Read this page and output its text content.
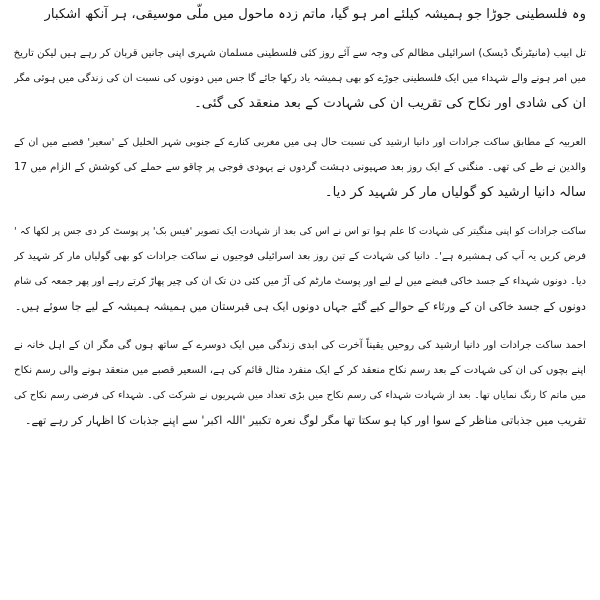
وہ فلسطینی جوڑا جو ہمیشہ کیلئے امر ہو گیا، ماتم زدہ ماحول میں ملّی موسیقی، ہر آنکھ اشکبار
تل ابیب (مانیٹرنگ ڈیسک) اسرائیلی مظالم کی وجہ سے آئے روز کئی فلسطینی مسلمان شہری اپنی جانیں قربان کر رہے ہیں لیکن تاریخ
میں امر ہونے والے شہداء میں ایک فلسطینی جوڑے کو بھی ہمیشہ یاد رکھا جائے گا جس میں دونوں کی نسبت ان کی زندگی میں ہوئی مگر
ان کی شادی اور نکاح کی تقریب ان کی شہادت کے بعد منعقد کی گئی۔
العربیہ کے مطابق ساکت جرادات اور دانیا ارشید کی نسبت حال ہی میں مغربی کنارے کے جنوبی شہر الخلیل کے 'سعیر' قصبے میں ان کے
والدین نے طے کی تھی۔ منگنی کے ایک روز بعد صہیونی دہشت گردوں نے یہودی فوجی پر چاقو سے حملے کی کوشش کے الزام میں 17
سالہ دانیا ارشید کو گولیاں مار کر شہید کر دیا۔
ساکت جرادات کو اپنی منگیتر کی شہادت کا علم ہوا تو اس نے اس کی بعد از شہادت ایک تصویر 'فیس بک' پر پوسٹ کر دی جس پر لکھا کہ '
فرض کریں یہ آپ کی ہمشیرہ ہے'۔ دانیا کی شہادت کے تین روز بعد اسرائیلی فوجیوں نے ساکت جرادات کو بھی گولیاں مار کر شہید کر
دیا۔ دونوں شہداء کے جسد خاکی قبضے میں لے لیے اور پوسٹ مارٹم کی آڑ میں کئی دن تک ان کی چیر پھاڑ کرتے رہے اور پھر جمعہ کی شام
دونوں کے جسد خاکی ان کے ورثاء کے حوالے کیے گئے جہاں دونوں ایک ہی قبرستان میں ہمیشہ ہمیشہ کے لیے جا سوئے ہیں۔
احمد ساکت جرادات اور دانیا ارشید کی روحیں یقیناً آخرت کی ابدی زندگی میں ایک دوسرے کے ساتھ ہوں گی مگر ان کے اہل خانہ نے
اپنے بچوں کی ان کی شہادت کے بعد رسم نکاح منعقد کر کے ایک منفرد مثال قائم کی ہے، السعیر قصبے میں منعقد ہونے والی رسم نکاح
میں ماتم کا رنگ نمایاں تھا۔ بعد از شہادت شہداء کی رسم نکاح میں بڑی تعداد میں شہریوں نے شرکت کی۔ شہداء کی فرضی رسم نکاح کی
تقریب میں جذباتی مناظر کے سوا اور کیا ہو سکتا تھا مگر لوگ نعرہ تکبیر 'اللہ اکبر' سے اپنے جذبات کا اظہار کر رہے تھے۔
